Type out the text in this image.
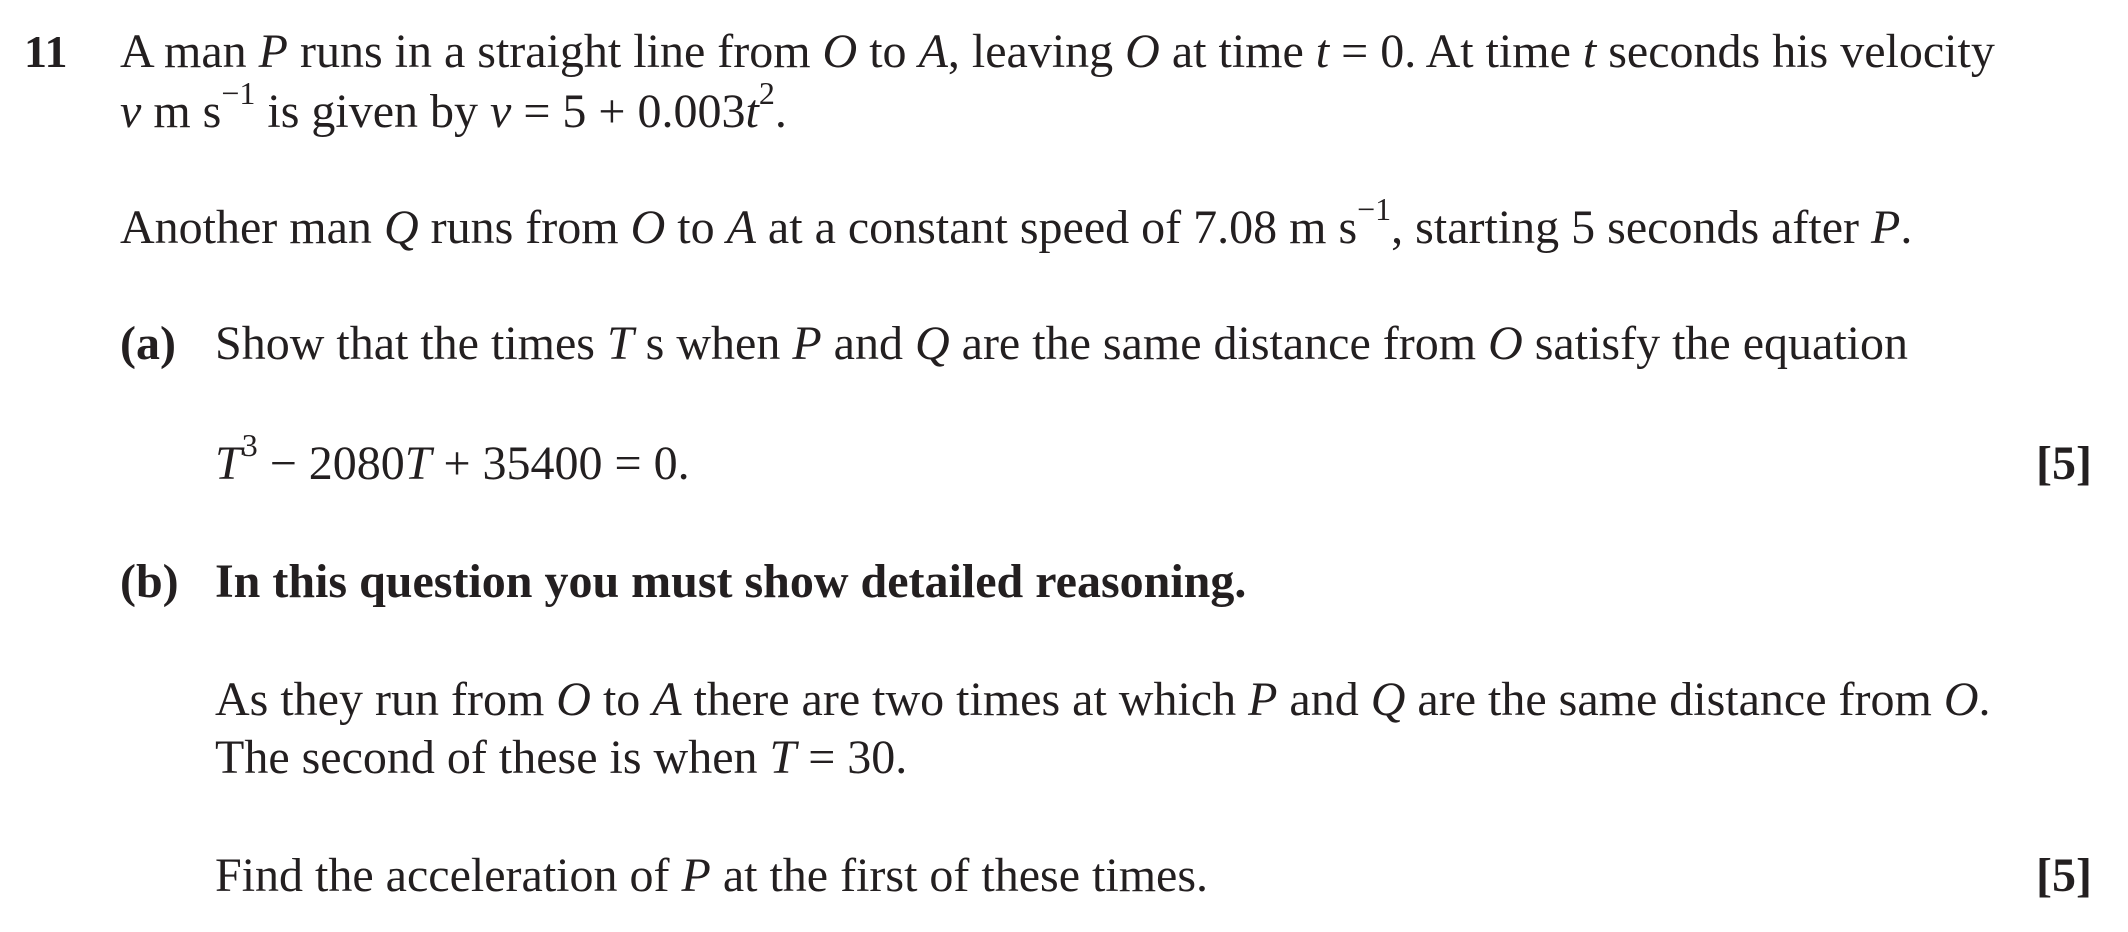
11 A man P runs in a straight line from O to A, leaving O at time t = 0. At time t seconds his velocity
v m $s^{-1}$ is given by $v = 5 + 0.003t^2$.
Another man Q runs from O to A at a constant speed of 7.08 m $s^{-1}$, starting 5 seconds after P.
(a) Show that the times T s when P and Q are the same distance from O satisfy the equation
$T^3 - 2080T + 35400 = 0$.	[5]
(b) In this question you must show detailed reasoning.
As they run from O to A there are two times at which P and Q are the same distance from O.
The second of these is when T = 30.
Find the acceleration of P at the first of these times.	[5]
